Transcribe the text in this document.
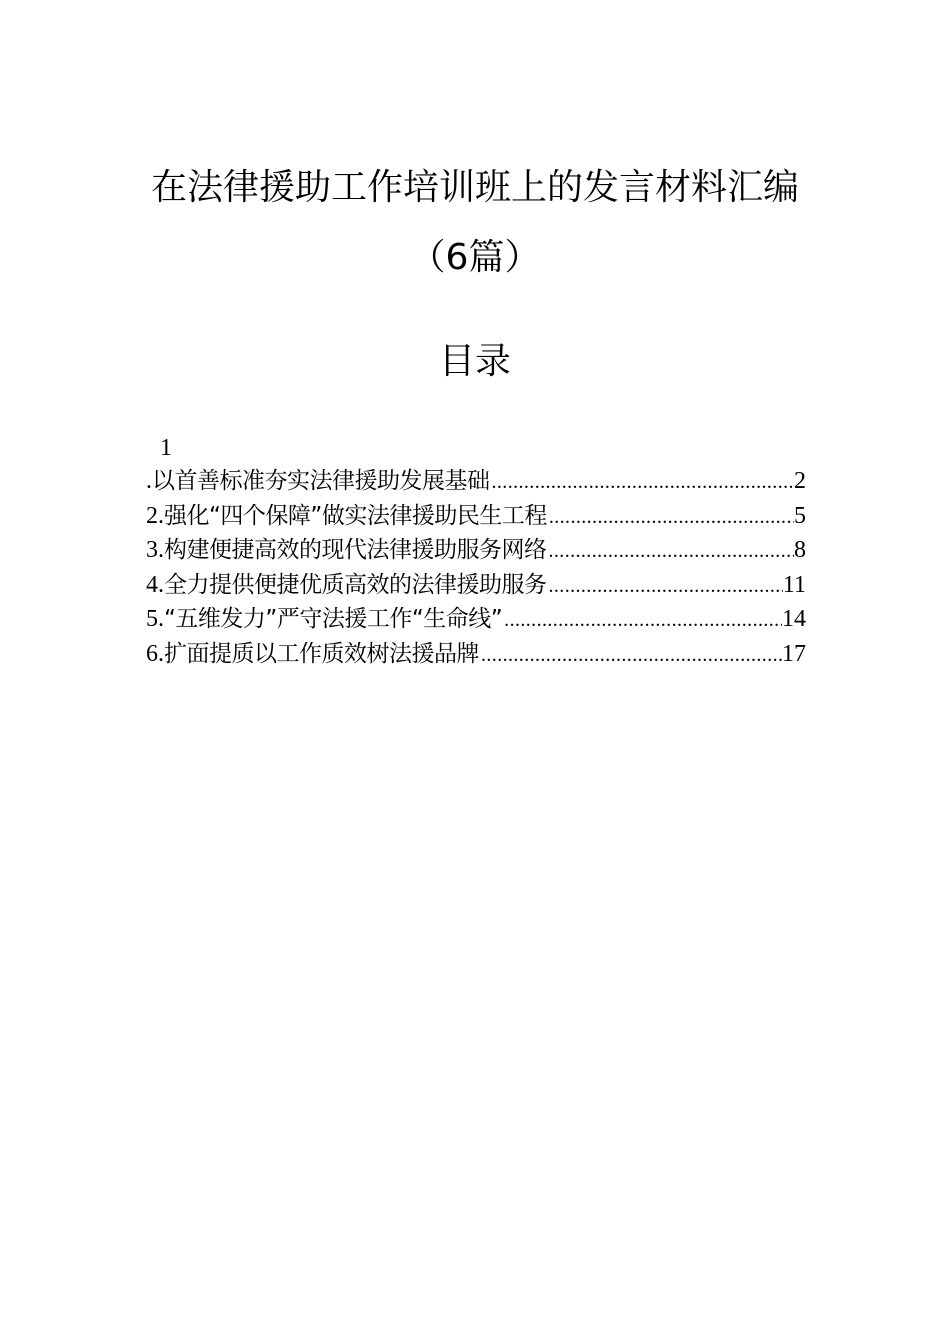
在法律援助工作培训班上的发言材料汇编
（6篇）
目录
1
. 以首善标准夯实法律援助发展基础 .....	2
2. 强化“四个保障”做实法律援助民生工程 .....	5
3. 构建便捷高效的现代法律援助服务网络 .....	8
4. 全力提供便捷优质高效的法律援助服务 .....	11
5. “五维发力”严守法援工作“生命线” .....	14
6. 扩面提质以工作质效树法援品牌 .....	17
